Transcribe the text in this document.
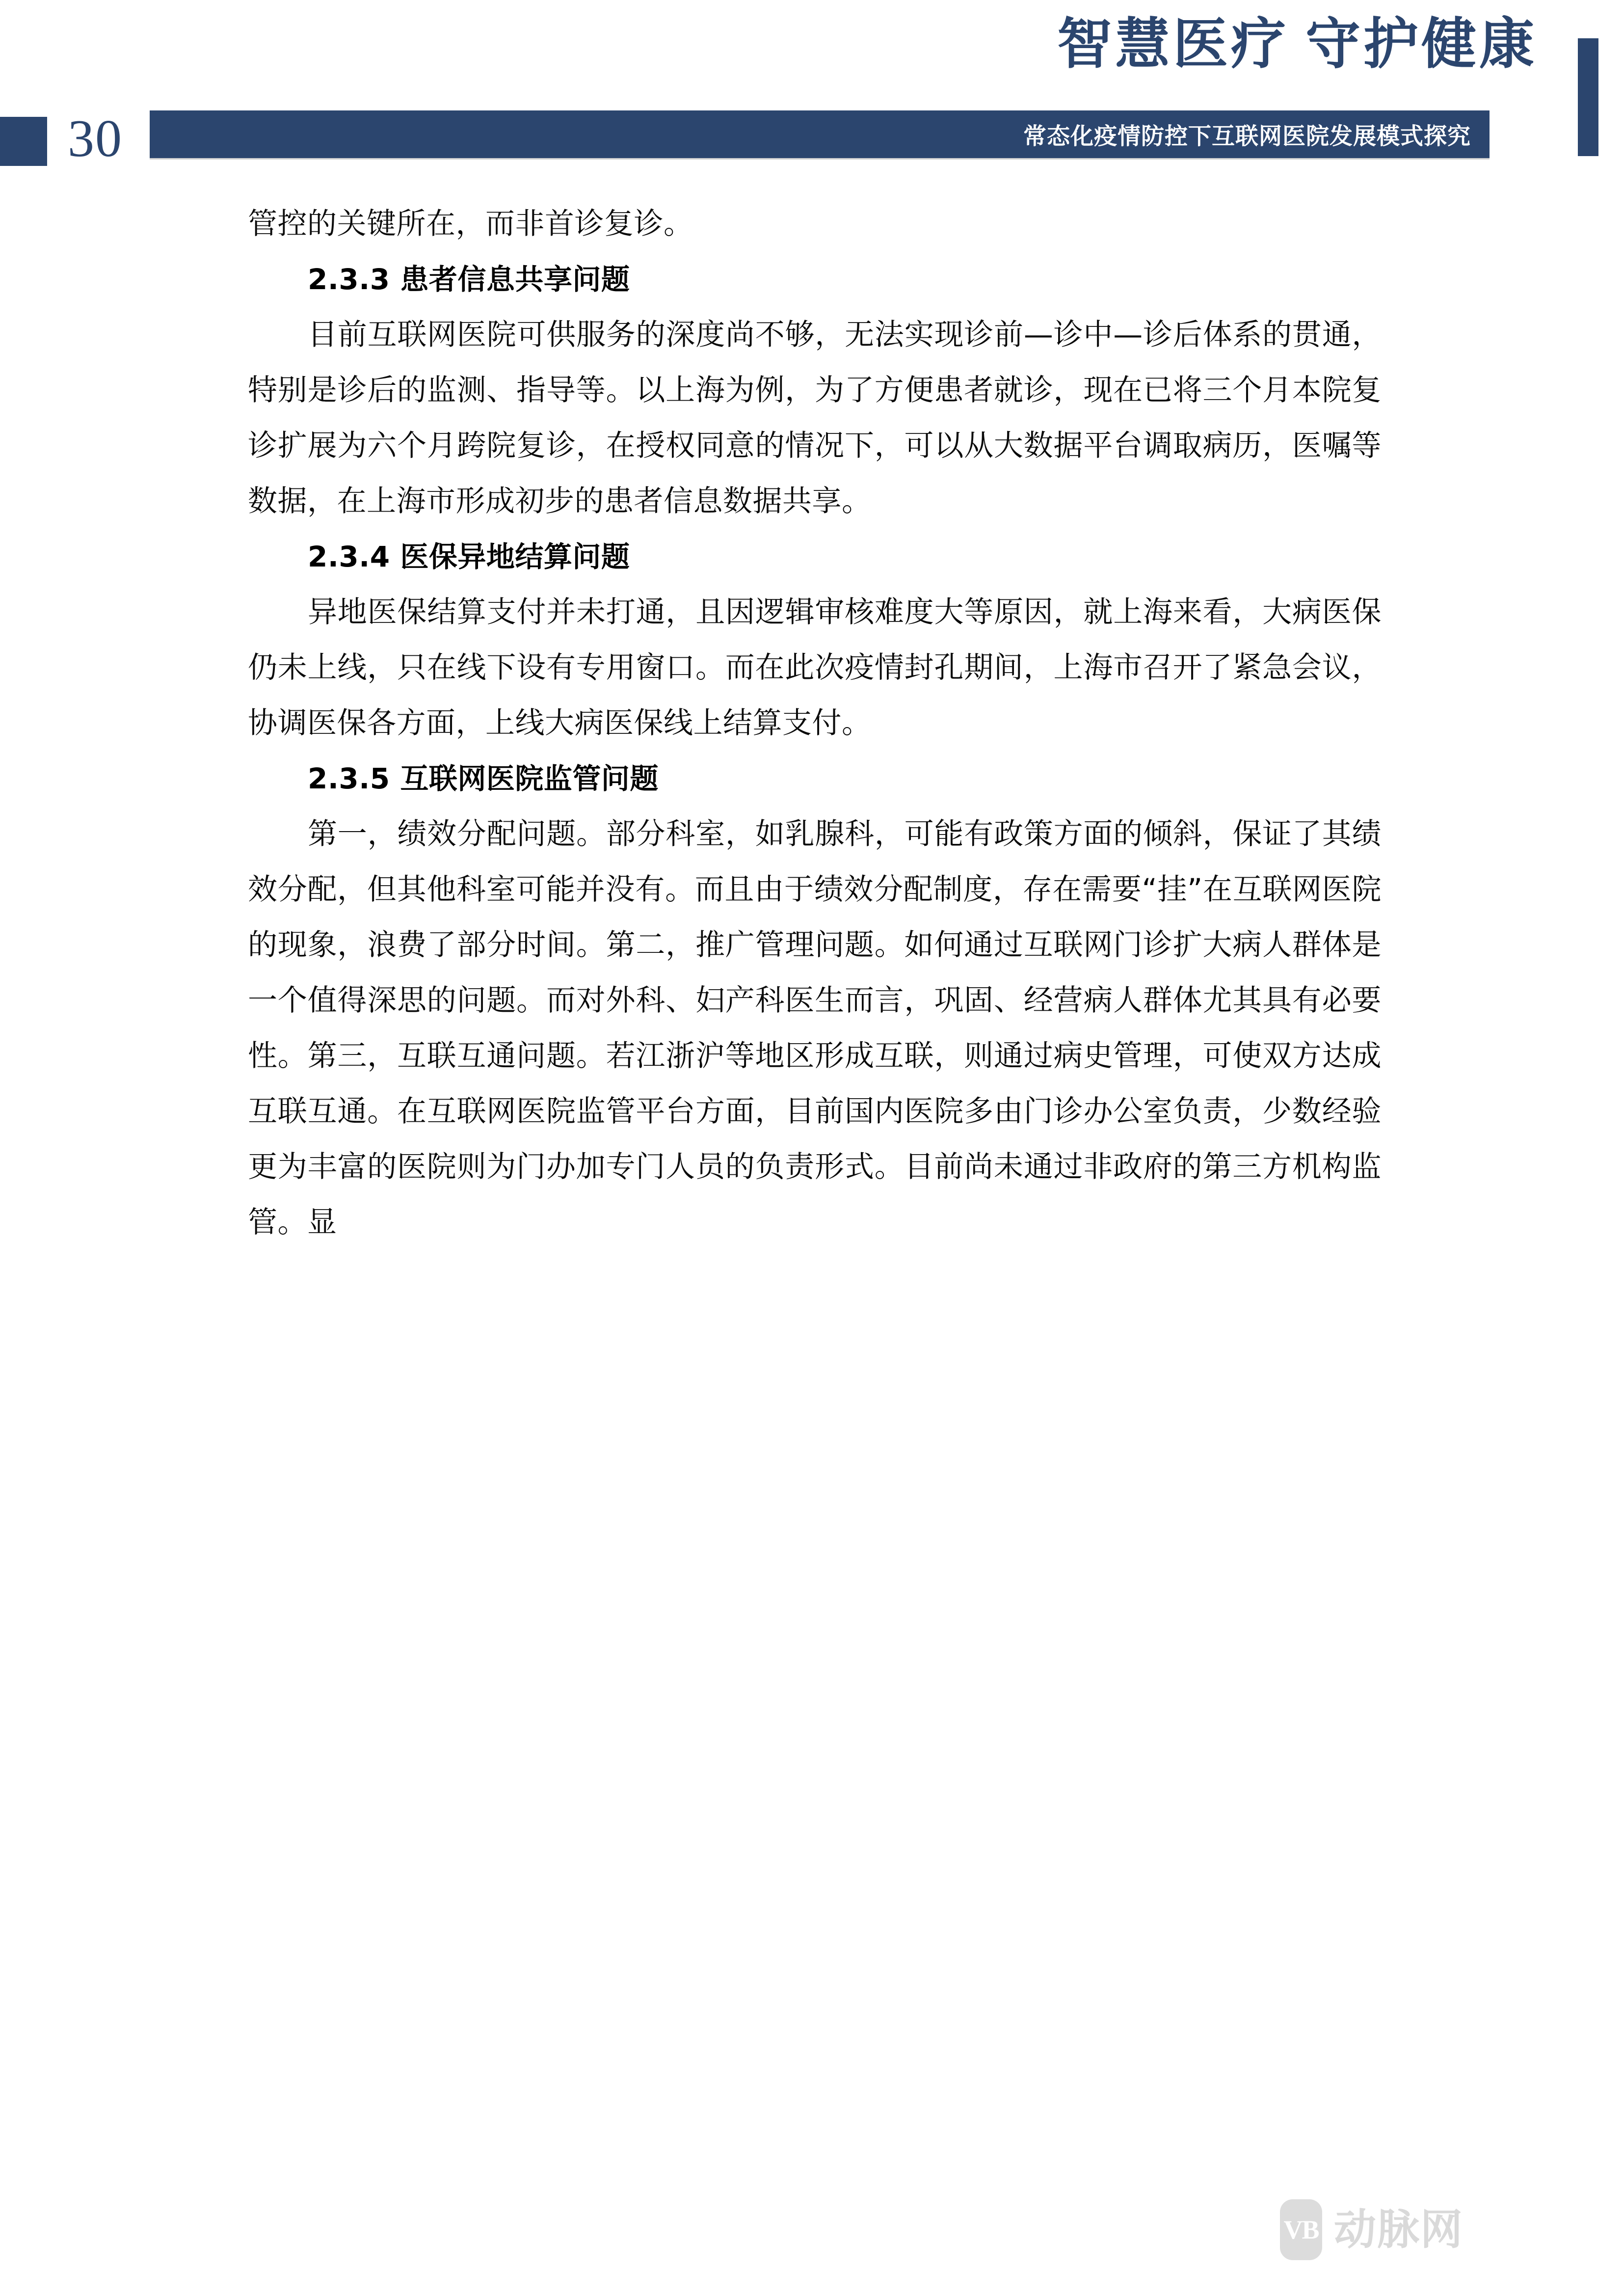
智慧医疗 守护健康
常态化疫情防控下互联网医院发展模式探究
30

管控的关键所在，而非首诊复诊。

2.3.3 患者信息共享问题

目前互联网医院可供服务的深度尚不够，无法实现诊前—诊中—诊后体系的贯通，特别是诊后的监测、指导等。以上海为例，为了方便患者就诊，现在已将三个月本院复诊扩展为六个月跨院复诊，在授权同意的情况下，可以从大数据平台调取病历，医嘱等数据，在上海市形成初步的患者信息数据共享。

2.3.4 医保异地结算问题

异地医保结算支付并未打通，且因逻辑审核难度大等原因，就上海来看，大病医保仍未上线，只在线下设有专用窗口。而在此次疫情封孔期间，上海市召开了紧急会议，协调医保各方面，上线大病医保线上结算支付。

2.3.5 互联网医院监管问题

第一，绩效分配问题。部分科室，如乳腺科，可能有政策方面的倾斜，保证了其绩效分配，但其他科室可能并没有。而且由于绩效分配制度，存在需要“挂”在互联网医院的现象，浪费了部分时间。第二，推广管理问题。如何通过互联网门诊扩大病人群体是一个值得深思的问题。而对外科、妇产科医生而言，巩固、经营病人群体尤其具有必要性。第三，互联互通问题。若江浙沪等地区形成互联，则通过病史管理，可使双方达成互联互通。在互联网医院监管平台方面，目前国内医院多由门诊办公室负责，少数经验更为丰富的医院则为门办加专门人员的负责形式。目前尚未通过非政府的第三方机构监管。显

VB 动脉网
